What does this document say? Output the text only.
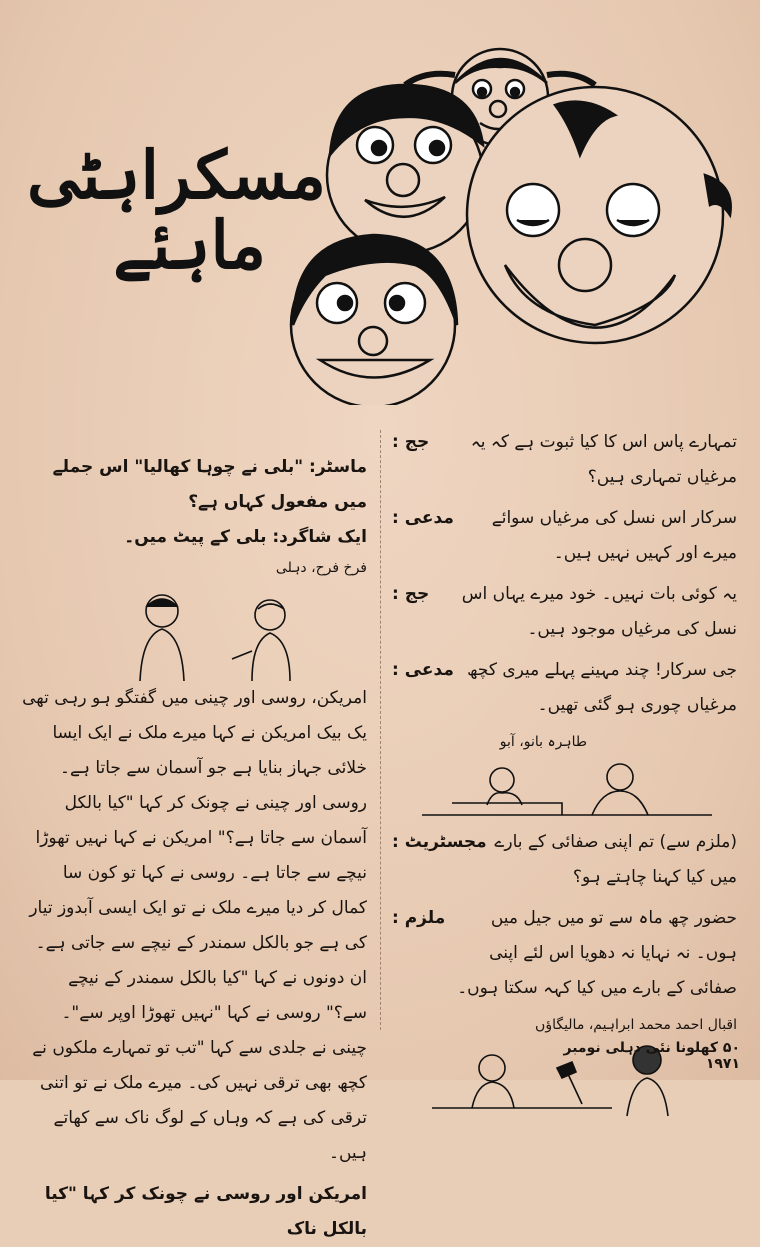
مسکراہٹی
ماہئے
ماسٹر: "بلی نے چوہا کھالیا" اس جملے میں مفعول کہاں ہے؟
ایک شاگرد: بلی کے پیٹ میں۔
فرخ فرح، دہلی
امریکن، روسی اور چینی میں گفتگو ہو رہی تھی یک بیک امریکن نے کہا میرے ملک نے ایک ایسا خلائی جہاز بنایا ہے جو آسمان سے جاتا ہے۔ روسی اور چینی نے چونک کر کہا "کیا بالکل آسمان سے جاتا ہے؟" امریکن نے کہا نہیں تھوڑا نیچے سے جاتا ہے۔ روسی نے کہا تو کون سا کمال کر دیا میرے ملک نے تو ایک ایسی آبدوز تیار کی ہے جو بالکل سمندر کے نیچے سے جاتی ہے۔ ان دونوں نے کہا "کیا بالکل سمندر کے نیچے سے؟" روسی نے کہا "نہیں تھوڑا اوپر سے"۔ چینی نے جلدی سے کہا "تب تو تمہارے ملکوں نے کچھ بھی ترقی نہیں کی۔ میرے ملک نے تو اتنی ترقی کی ہے کہ وہاں کے لوگ ناک سے کھاتے ہیں۔
امریکن اور روسی نے چونک کر کہا "کیا بالکل ناک
جج :	تمہارے پاس اس کا کیا ثبوت ہے کہ یہ مرغیاں تمہاری ہیں؟
مدعی :	سرکار اس نسل کی مرغیاں سوائے میرے اور کہیں نہیں ہیں۔
جج :	یہ کوئی بات نہیں۔ خود میرے یہاں اس نسل کی مرغیاں موجود ہیں۔
مدعی : جی سرکار! چند مہینے پہلے میری کچھ مرغیاں چوری ہو گئی تھیں۔
طاہرہ بانو، آبو
مجسٹریٹ : (ملزم سے) تم اپنی صفائی کے بارے میں کیا کہنا چاہتے ہو؟
ملزم :	حضور چھ ماہ سے تو میں جیل میں ہوں۔ نہ نہایا نہ دھویا اس لئے اپنی صفائی کے بارے میں کیا کہہ سکتا ہوں۔
اقبال احمد محمد ابراہیم، مالیگاؤں
۵۰ کھلونا نئی دہلی نومبر ۱۹۷۱
